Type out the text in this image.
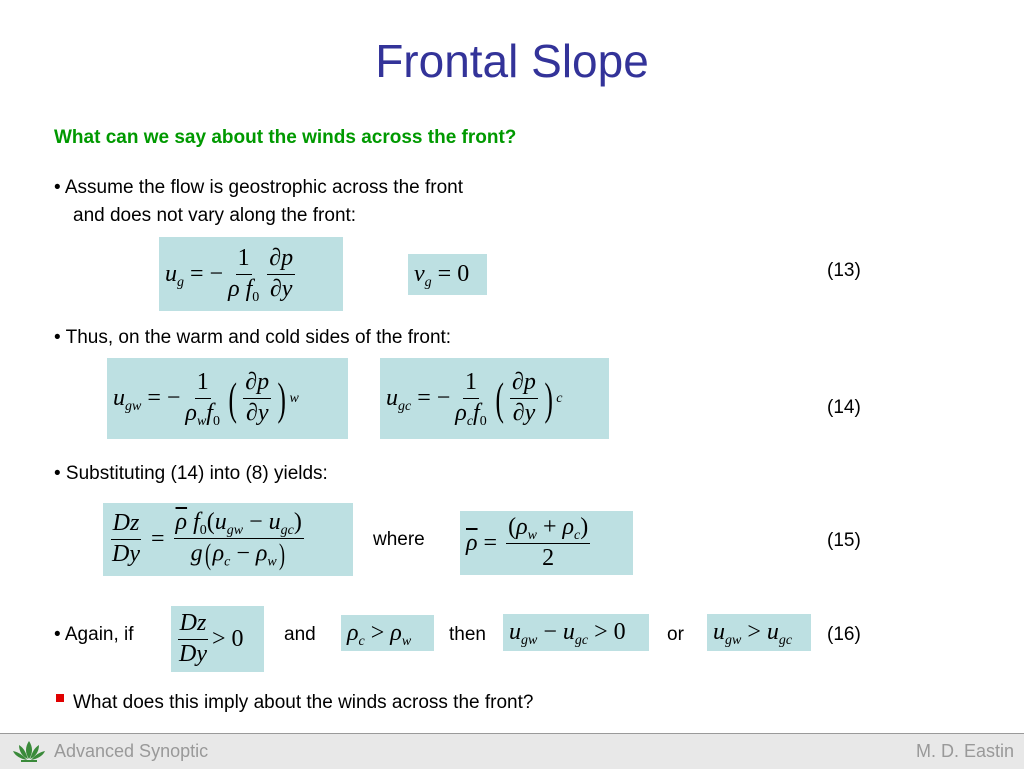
Frontal Slope
What can we say about the winds across the front?
• Assume the flow is geostrophic across the front
and does not vary along the front:
$u_g$ = − $\frac{1}{\rho f_0} \frac{\partial p}{\partial y}$	$v_g = 0$	(13)
• Thus, on the warm and cold sides of the front:
$u_{gw}$ = − $\frac{1}{\rho_wf_0}$ ( $\frac{\partial p}{\partial y}$ ) w	$u_{gc}$ = − $\frac{1}{\rho_cf_0}$ ( $\frac{\partial p}{\partial y}$ ) c	(14)
• Substituting (14) into (8) yields:
$\frac{Dz}{Dy} = \frac{\overline{\rho} f_0(u_{gw} - u_{gc})}{g(\rho_c - \rho_w)}$	where $\overline{\rho} = \frac{(\rho_w + \rho_c)}{2}$	(15)
• Again, if $\frac{Dz}{Dy} > 0$ and $\rho_c > \rho_w$ then $u_{gw} - u_{gc} > 0$ or $u_{gw} > u_{gc}$ (16)
What does this imply about the winds across the front?
Advanced Synoptic	M. D. Eastin
